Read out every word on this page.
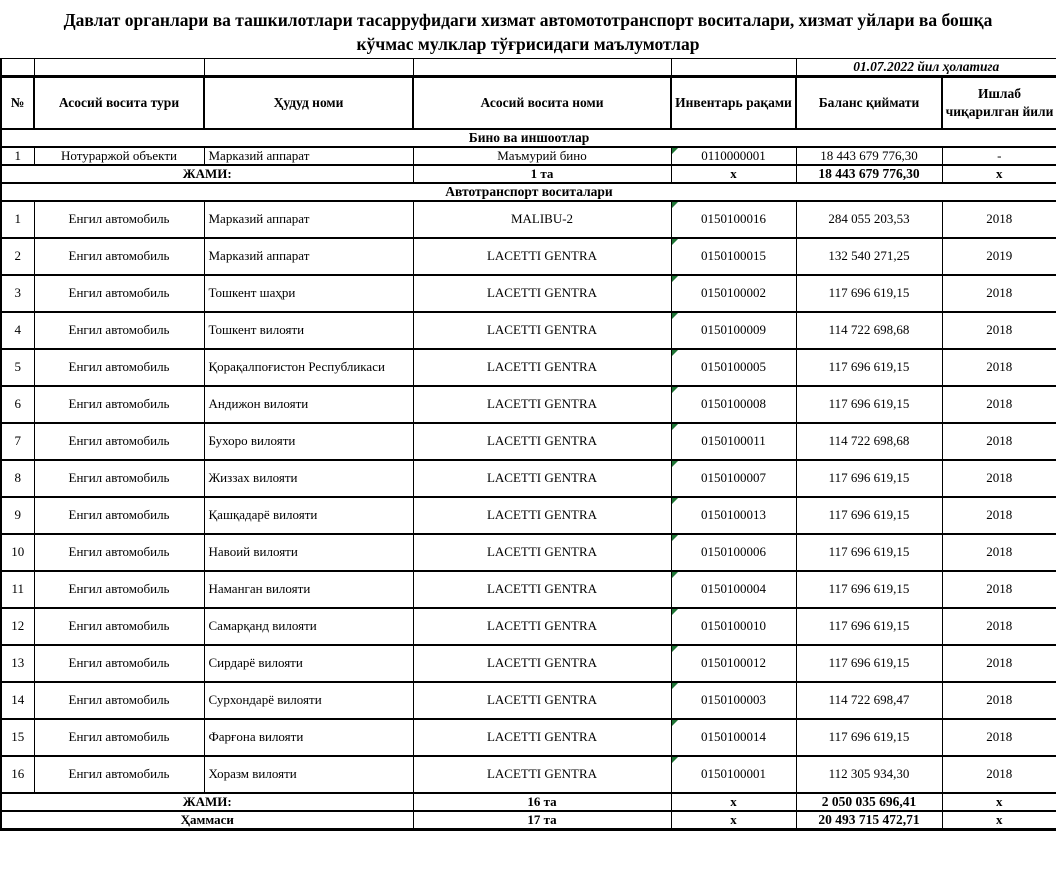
Давлат органлари ва ташкилотлари тасарруфидаги хизмат автомототранспорт воситалари, хизмат уйлари ва бошқа
кўчмас мулклар тўғрисидаги маълумотлар
					01.07.2022 йил ҳолатига	
№	Асосий восита тури	Ҳудуд номи	Асосий восита номи	Инвентарь рақами	Баланс қиймати	Ишлаб чиқарилган йили
Бино ва иншоотлар						
1	Нотураржой объекти	Марказий аппарат	Маъмурий бино	0110000001	18 443 679 776,30	-
ЖАМИ:			1 та	x	18 443 679 776,30	x
Автотранспорт воситалари						
1	Енгил автомобиль	Марказий аппарат	MALIBU-2	0150100016	284 055 203,53	2018
2	Енгил автомобиль	Марказий аппарат	LACETTI GENTRA	0150100015	132 540 271,25	2019
3	Енгил автомобиль	Тошкент шаҳри	LACETTI GENTRA	0150100002	117 696 619,15	2018
4	Енгил автомобиль	Тошкент вилояти	LACETTI GENTRA	0150100009	114 722 698,68	2018
5	Енгил автомобиль	Қорақалпоғистон Республикаси	LACETTI GENTRA	0150100005	117 696 619,15	2018
6	Енгил автомобиль	Андижон вилояти	LACETTI GENTRA	0150100008	117 696 619,15	2018
7	Енгил автомобиль	Бухоро вилояти	LACETTI GENTRA	0150100011	114 722 698,68	2018
8	Енгил автомобиль	Жиззах вилояти	LACETTI GENTRA	0150100007	117 696 619,15	2018
9	Енгил автомобиль	Қашқадарё вилояти	LACETTI GENTRA	0150100013	117 696 619,15	2018
10	Енгил автомобиль	Навоий вилояти	LACETTI GENTRA	0150100006	117 696 619,15	2018
11	Енгил автомобиль	Наманган вилояти	LACETTI GENTRA	0150100004	117 696 619,15	2018
12	Енгил автомобиль	Самарқанд вилояти	LACETTI GENTRA	0150100010	117 696 619,15	2018
13	Енгил автомобиль	Сирдарё вилояти	LACETTI GENTRA	0150100012	117 696 619,15	2018
14	Енгил автомобиль	Сурхондарё вилояти	LACETTI GENTRA	0150100003	114 722 698,47	2018
15	Енгил автомобиль	Фарғона вилояти	LACETTI GENTRA	0150100014	117 696 619,15	2018
16	Енгил автомобиль	Хоразм вилояти	LACETTI GENTRA	0150100001	112 305 934,30	2018
ЖАМИ:			16 та	x	2 050 035 696,41	x
Ҳаммаси			17 та	x	20 493 715 472,71	x
